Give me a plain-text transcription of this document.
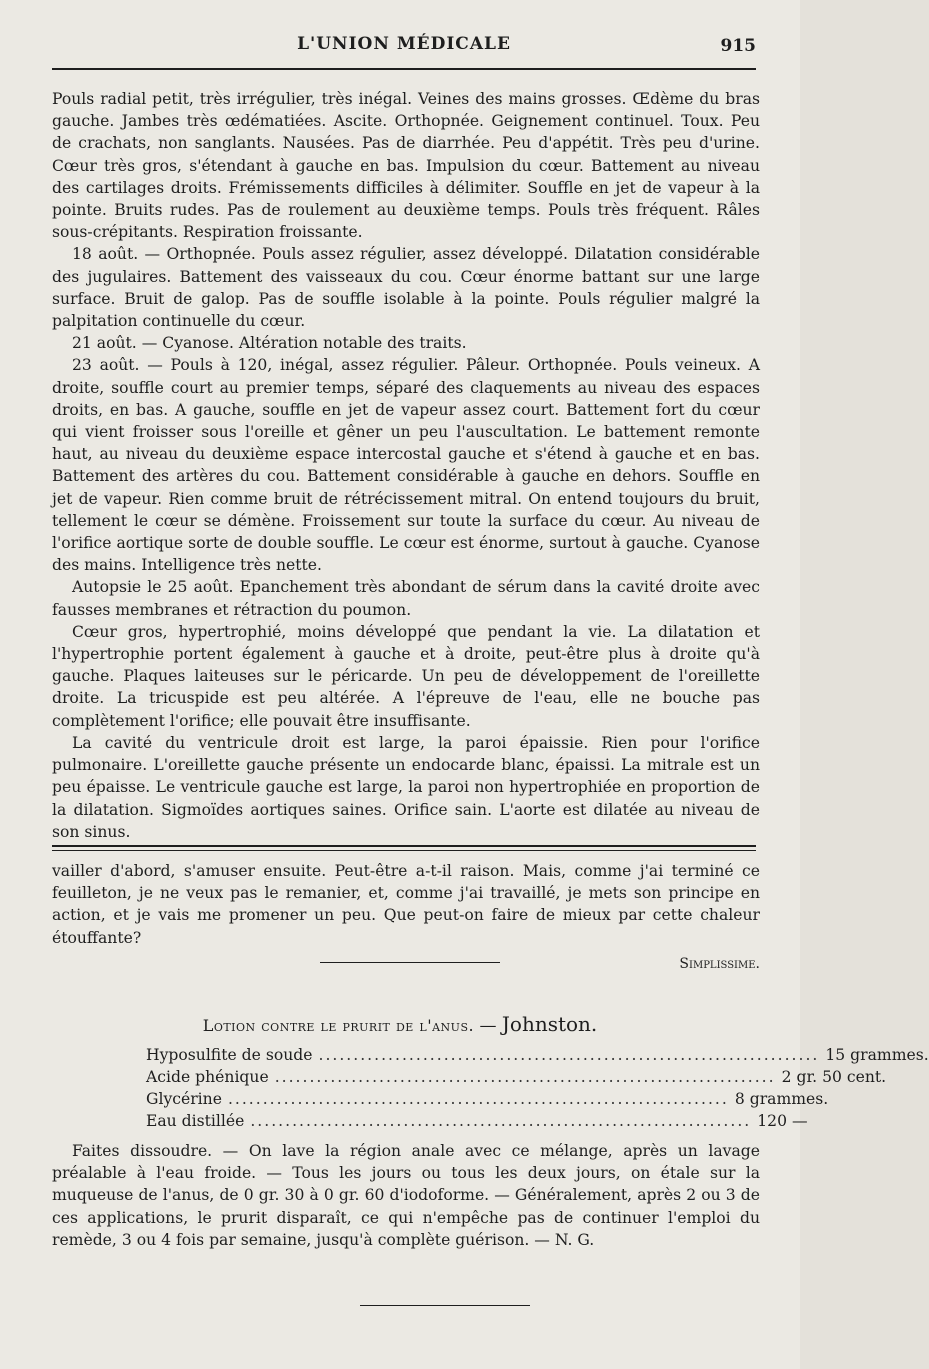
L'UNION MÉDICALE	915

Pouls radial petit, très irrégulier, très inégal. Veines des mains grosses. Œdème du bras gauche. Jambes très œdématiées. Ascite. Orthopnée. Geignement continuel. Toux. Peu de crachats, non sanglants. Nausées. Pas de diarrhée. Peu d'appétit. Très peu d'urine. Cœur très gros, s'étendant à gauche en bas. Impulsion du cœur. Battement au niveau des cartilages droits. Frémissements difficiles à délimiter. Souffle en jet de vapeur à la pointe. Bruits rudes. Pas de roulement au deuxième temps. Pouls très fréquent. Râles sous-crépitants. Respiration froissante.

18 août. — Orthopnée. Pouls assez régulier, assez développé. Dilatation considérable des jugulaires. Battement des vaisseaux du cou. Cœur énorme battant sur une large surface. Bruit de galop. Pas de souffle isolable à la pointe. Pouls régulier malgré la palpitation continuelle du cœur.

21 août. — Cyanose. Altération notable des traits.

23 août. — Pouls à 120, inégal, assez régulier. Pâleur. Orthopnée. Pouls veineux. A droite, souffle court au premier temps, séparé des claquements au niveau des espaces droits, en bas. A gauche, souffle en jet de vapeur assez court. Battement fort du cœur qui vient froisser sous l'oreille et gêner un peu l'auscultation. Le battement remonte haut, au niveau du deuxième espace intercostal gauche et s'étend à gauche et en bas. Battement des artères du cou. Battement considérable à gauche en dehors. Souffle en jet de vapeur. Rien comme bruit de rétrécissement mitral. On entend toujours du bruit, tellement le cœur se démène. Froissement sur toute la surface du cœur. Au niveau de l'orifice aortique sorte de double souffle. Le cœur est énorme, surtout à gauche. Cyanose des mains. Intelligence très nette.

Autopsie le 25 août. Epanchement très abondant de sérum dans la cavité droite avec fausses membranes et rétraction du poumon.

Cœur gros, hypertrophié, moins développé que pendant la vie. La dilatation et l'hypertrophie portent également à gauche et à droite, peut-être plus à droite qu'à gauche. Plaques laiteuses sur le péricarde. Un peu de développement de l'oreillette droite. La tricuspide est peu altérée. A l'épreuve de l'eau, elle ne bouche pas complètement l'orifice; elle pouvait être insuffisante.

La cavité du ventricule droit est large, la paroi épaissie. Rien pour l'orifice pulmonaire. L'oreillette gauche présente un endocarde blanc, épaissi. La mitrale est un peu épaisse. Le ventricule gauche est large, la paroi non hypertrophiée en proportion de la dilatation. Sigmoïdes aortiques saines. Orifice sain. L'aorte est dilatée au niveau de son sinus.

vailler d'abord, s'amuser ensuite. Peut-être a-t-il raison. Mais, comme j'ai terminé ce feuilleton, je ne veux pas le remanier, et, comme j'ai travaillé, je mets son principe en action, et je vais me promener un peu. Que peut-on faire de mieux par cette chaleur étouffante?

Simplissime.
Lotion contre le prurit de l'anus. — Johnston.
Hyposulfite de soude ........................................................................ 15 grammes.
Acide phénique ........................................................................ 2 gr. 50 cent.
Glycérine ........................................................................ 8 grammes.
Eau distillée ........................................................................ 120 —

Faites dissoudre. — On lave la région anale avec ce mélange, après un lavage préalable à l'eau froide. — Tous les jours ou tous les deux jours, on étale sur la muqueuse de l'anus, de 0 gr. 30 à 0 gr. 60 d'iodoforme. — Généralement, après 2 ou 3 de ces applications, le prurit disparaît, ce qui n'empêche pas de continuer l'emploi du remède, 3 ou 4 fois par semaine, jusqu'à complète guérison. — N. G.
